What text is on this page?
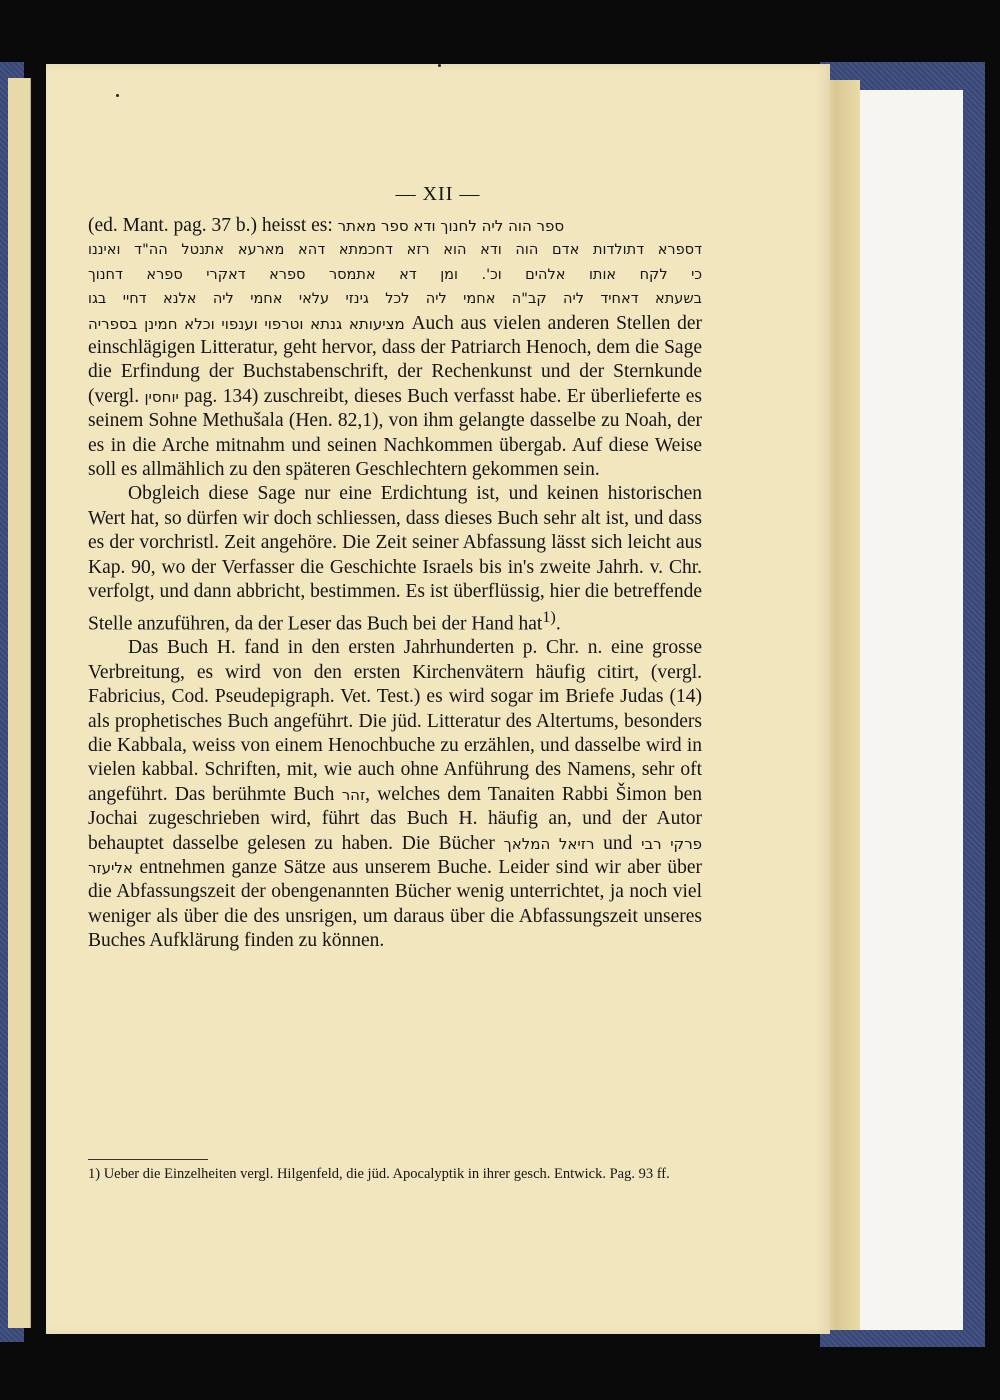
— XII —

(ed. Mant. pag. 37 b.) heisst es: ספר הוה ליה לחנוך ודא ספר מאתר
דספרא דתולדות אדם הוה ודא הוא רזא דחכמתא דהא מארעא אתנטל הה"ד ואיננו
כי לקח אותו אלהים וכ'. ומן דא אתמסר ספרא דאקרי ספרא דחנוך
בשעתא דאחיד ליה קב"ה אחמי ליה לכל גינזי עלאי אחמי ליה אלנא דחיי בגו
מציעותא גנתא וטרפוי וענפוי וכלא חמינן בספריה Auch aus vielen anderen Stellen der einschlägigen Litteratur, geht hervor, dass der Patriarch Henoch, dem die Sage die Erfindung der Buchstabenschrift, der Rechenkunst und der Sternkunde (vergl. יוחסין pag. 134) zuschreibt, dieses Buch verfasst habe. Er überlieferte es seinem Sohne Methušala (Hen. 82,1), von ihm gelangte dasselbe zu Noah, der es in die Arche mitnahm und seinen Nachkommen übergab. Auf diese Weise soll es allmählich zu den späteren Geschlechtern gekommen sein.

Obgleich diese Sage nur eine Erdichtung ist, und keinen historischen Wert hat, so dürfen wir doch schliessen, dass dieses Buch sehr alt ist, und dass es der vorchristl. Zeit angehöre. Die Zeit seiner Abfassung lässt sich leicht aus Kap. 90, wo der Verfasser die Geschichte Israels bis in's zweite Jahrh. v. Chr. verfolgt, und dann abbricht, bestimmen. Es ist überflüssig, hier die betreffende Stelle anzuführen, da der Leser das Buch bei der Hand hat$^{1)}$.

Das Buch H. fand in den ersten Jahrhunderten p. Chr. n. eine grosse Verbreitung, es wird von den ersten Kirchenvätern häufig citirt, (vergl. Fabricius, Cod. Pseudepigraph. Vet. Test.) es wird sogar im Briefe Judas (14) als prophetisches Buch angeführt. Die jüd. Litteratur des Altertums, besonders die Kabbala, weiss von einem Henochbuche zu erzählen, und dasselbe wird in vielen kabbal. Schriften, mit, wie auch ohne Anführung des Namens, sehr oft angeführt. Das berühmte Buch זהר, welches dem Tanaiten Rabbi Šimon ben Jochai zugeschrieben wird, führt das Buch H. häufig an, und der Autor behauptet dasselbe gelesen zu haben. Die Bücher רזיאל המלאך und פרקי רבי אליעזר entnehmen ganze Sätze aus unserem Buche. Leider sind wir aber über die Abfassungszeit der obengenannten Bücher wenig unterrichtet, ja noch viel weniger als über die des unsrigen, um daraus über die Abfassungszeit unseres Buches Aufklärung finden zu können.

1) Ueber die Einzelheiten vergl. Hilgenfeld, die jüd. Apocalyptik in ihrer gesch. Entwick. Pag. 93 ff.
